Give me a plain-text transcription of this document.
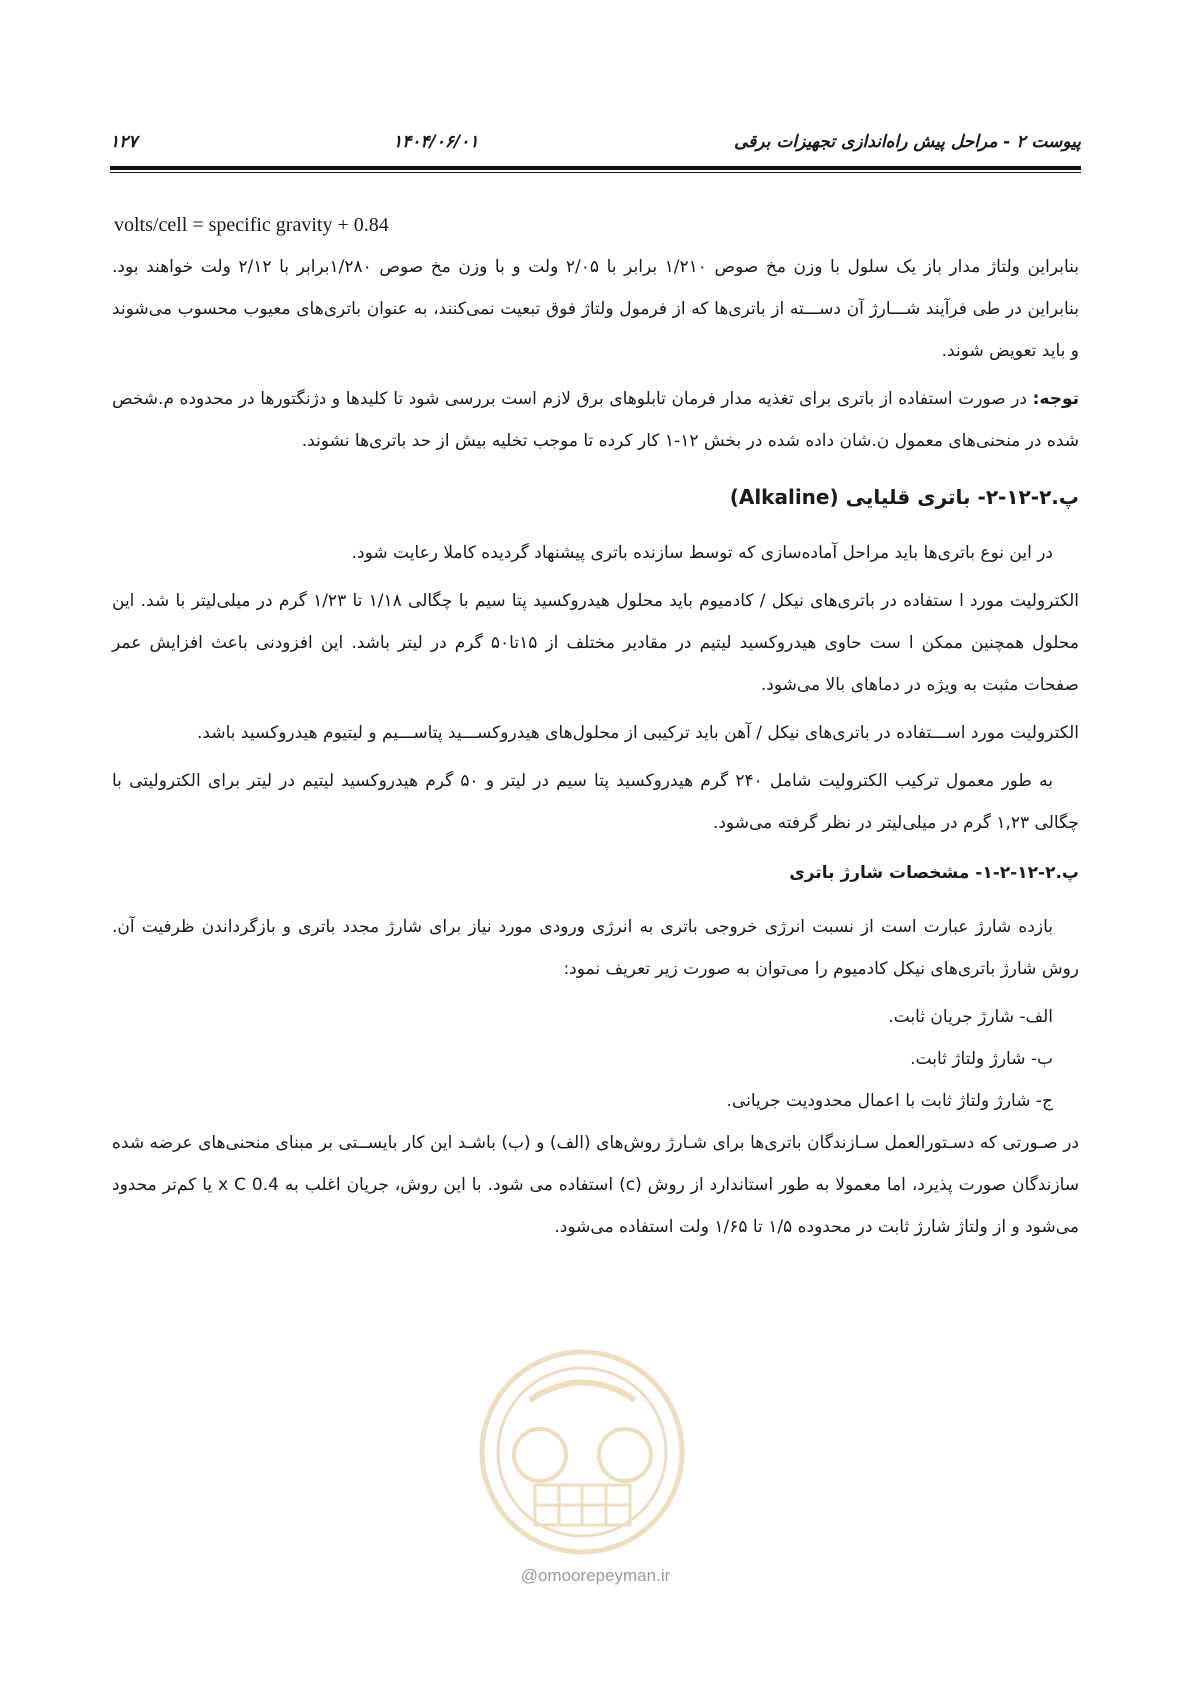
پیوست ۲ - مراحل پیش راه‌اندازی تجهیزات برقی
۱۴۰۴/۰۶/۰۱
۱۲۷
volts/cell = specific gravity + 0.84

بنابراین ولتاژ مدار باز یک سلول با وزن مخ صوص ۱/۲۱۰ برابر با ۲/۰۵ ولت و با وزن مخ صوص ۱/۲۸۰برابر با ۲/۱۲ ولت خواهند بود. بنابراین در طی فرآیند شـــارژ آن دســـته از باتری‌ها که از فرمول ولتاژ فوق تبعیت نمی‌کنند، به عنوان باتری‌های معیوب محسوب می‌شوند و باید تعویض شوند.

توجه: در صورت استفاده از باتری برای تغذیه مدار فرمان تابلوهای برق لازم است بررسی شود تا کلیدها و دژنگتورها در محدوده م.شخص شده در منحنی‌های معمول ن.شان داده شده در بخش ۱۲-۱ کار کرده تا موجب تخلیه بیش از حد باتری‌ها نشوند.

پ.۲-۱۲-۲- باتری قلیایی (Alkaline)

در این نوع باتری‌ها باید مراحل آماده‌سازی که توسط سازنده باتری پیشنهاد گردیده کاملا رعایت شود.

الکترولیت مورد ا ستفاده در باتری‌های نیکل / کادمیوم باید محلول هیدروکسید پتا سیم با چگالی ۱/۱۸ تا ۱/۲۳ گرم در میلی‌لیتر با شد. این محلول همچنین ممکن ا ست حاوی هیدروکسید لیتیم در مقادیر مختلف از ۱۵تا۵۰ گرم در لیتر باشد. این افزودنی باعث افزایش عمر صفحات مثبت به ویژه در دماهای بالا می‌شود.

الکترولیت مورد اســـتفاده در باتری‌های نیکل / آهن باید ترکیبی از محلول‌های هیدروکســـید پتاســـیم و لیتیوم هیدروکسید باشد.

به طور معمول ترکیب الکترولیت شامل ۲۴۰ گرم هیدروکسید پتا سیم در لیتر و ۵۰ گرم هیدروکسید لیتیم در لیتر برای الکترولیتی با چگالی ۱,۲۳ گرم در میلی‌لیتر در نظر گرفته می‌شود.

پ.۲-۱۲-۲-۱- مشخصات شارژ باتری

بازده شارژ عبارت است از نسبت انرژی خروجی باتری به انرژی ورودی مورد نیاز برای شارژ مجدد باتری و بازگرداندن ظرفیت آن. روش شارژ باتری‌های نیکل کادمیوم را می‌توان به صورت زیر تعریف نمود:

الف- شارژ جریان ثابت.
ب- شارژ ولتاژ ثابت.
ج- شارژ ولتاژ ثابت با اعمال محدودیت جریانی.

در صـورتی که دسـتورالعمل سـازندگان باتری‌ها برای شـارژ روش‌های (الف) و (ب) باشـد این کار بایســتی بر مبنای منحنی‌های عرضه شده سازندگان صورت پذیرد، اما معمولا به طور استاندارد از روش (c) استفاده می شود. با این روش، جریان اغلب به 0.4 x C یا کم‌تر محدود می‌شود و از ولتاژ شارژ ثابت در محدوده ۱/۵ تا ۱/۶۵ ولت استفاده می‌شود.

@omoorepeyman.ir
